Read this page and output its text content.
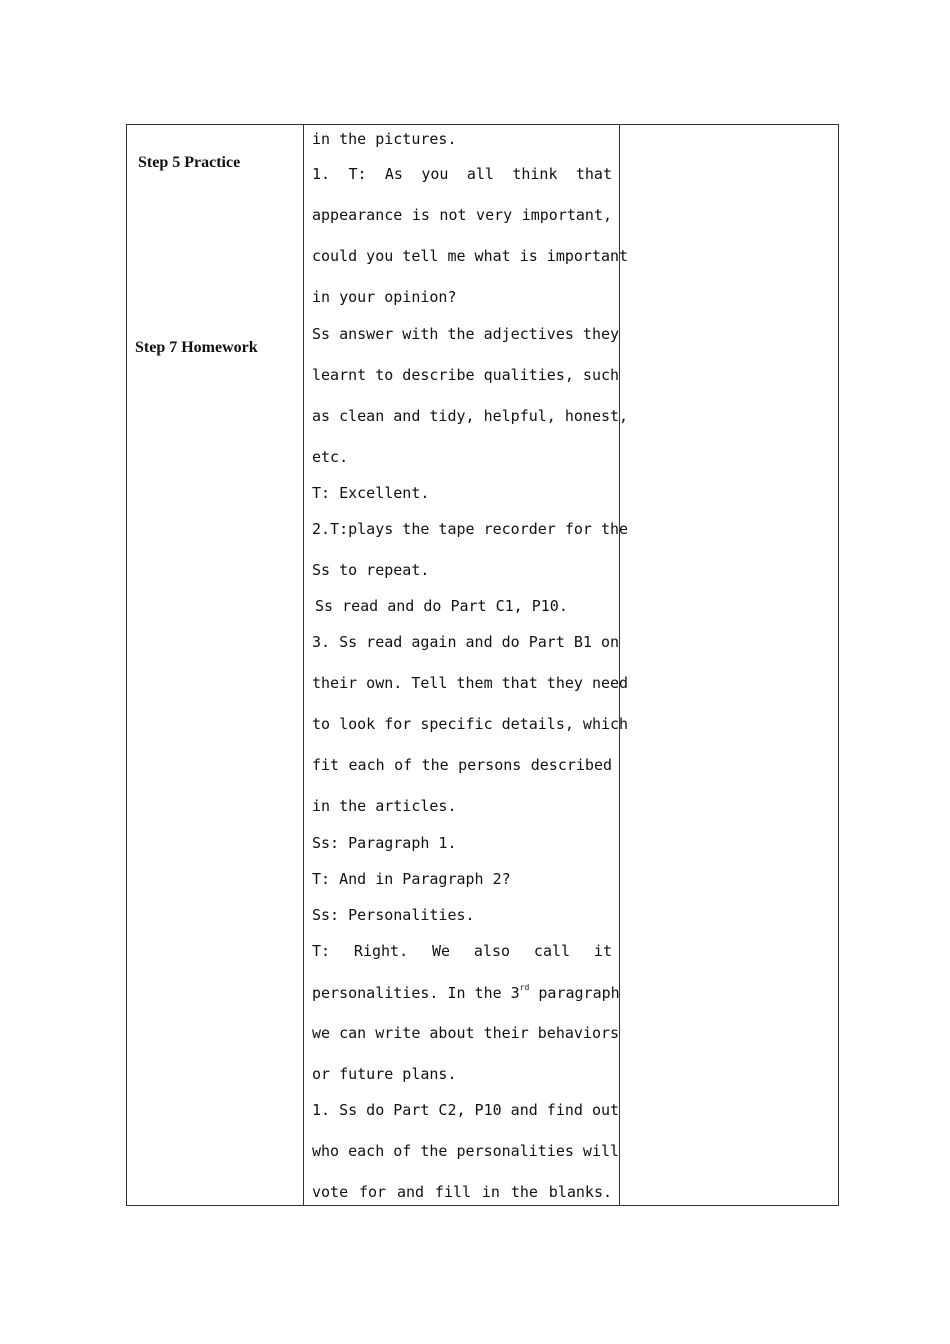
Step 5 Practice
Step 7 Homework
in the pictures.
1. T: As you all think that
appearance is not very important,
could you tell me what is important
in your opinion?
Ss answer with the adjectives they
learnt to describe qualities, such
as clean and tidy, helpful, honest,
etc.
T: Excellent.
2.T:plays the tape recorder for the
Ss to repeat.
Ss read and do Part C1, P10.
3. Ss read again and do Part B1 on
their own. Tell them that they need
to look for specific details, which
fit each of the persons described
in the articles.
Ss: Paragraph 1.
T: And in Paragraph 2?
Ss: Personalities.
T: Right. We also call it
personalities. In the 3rd paragraph
we can write about their behaviors
or future plans.
1. Ss do Part C2, P10 and find out
who each of the personalities will
vote for and fill in the blanks.
